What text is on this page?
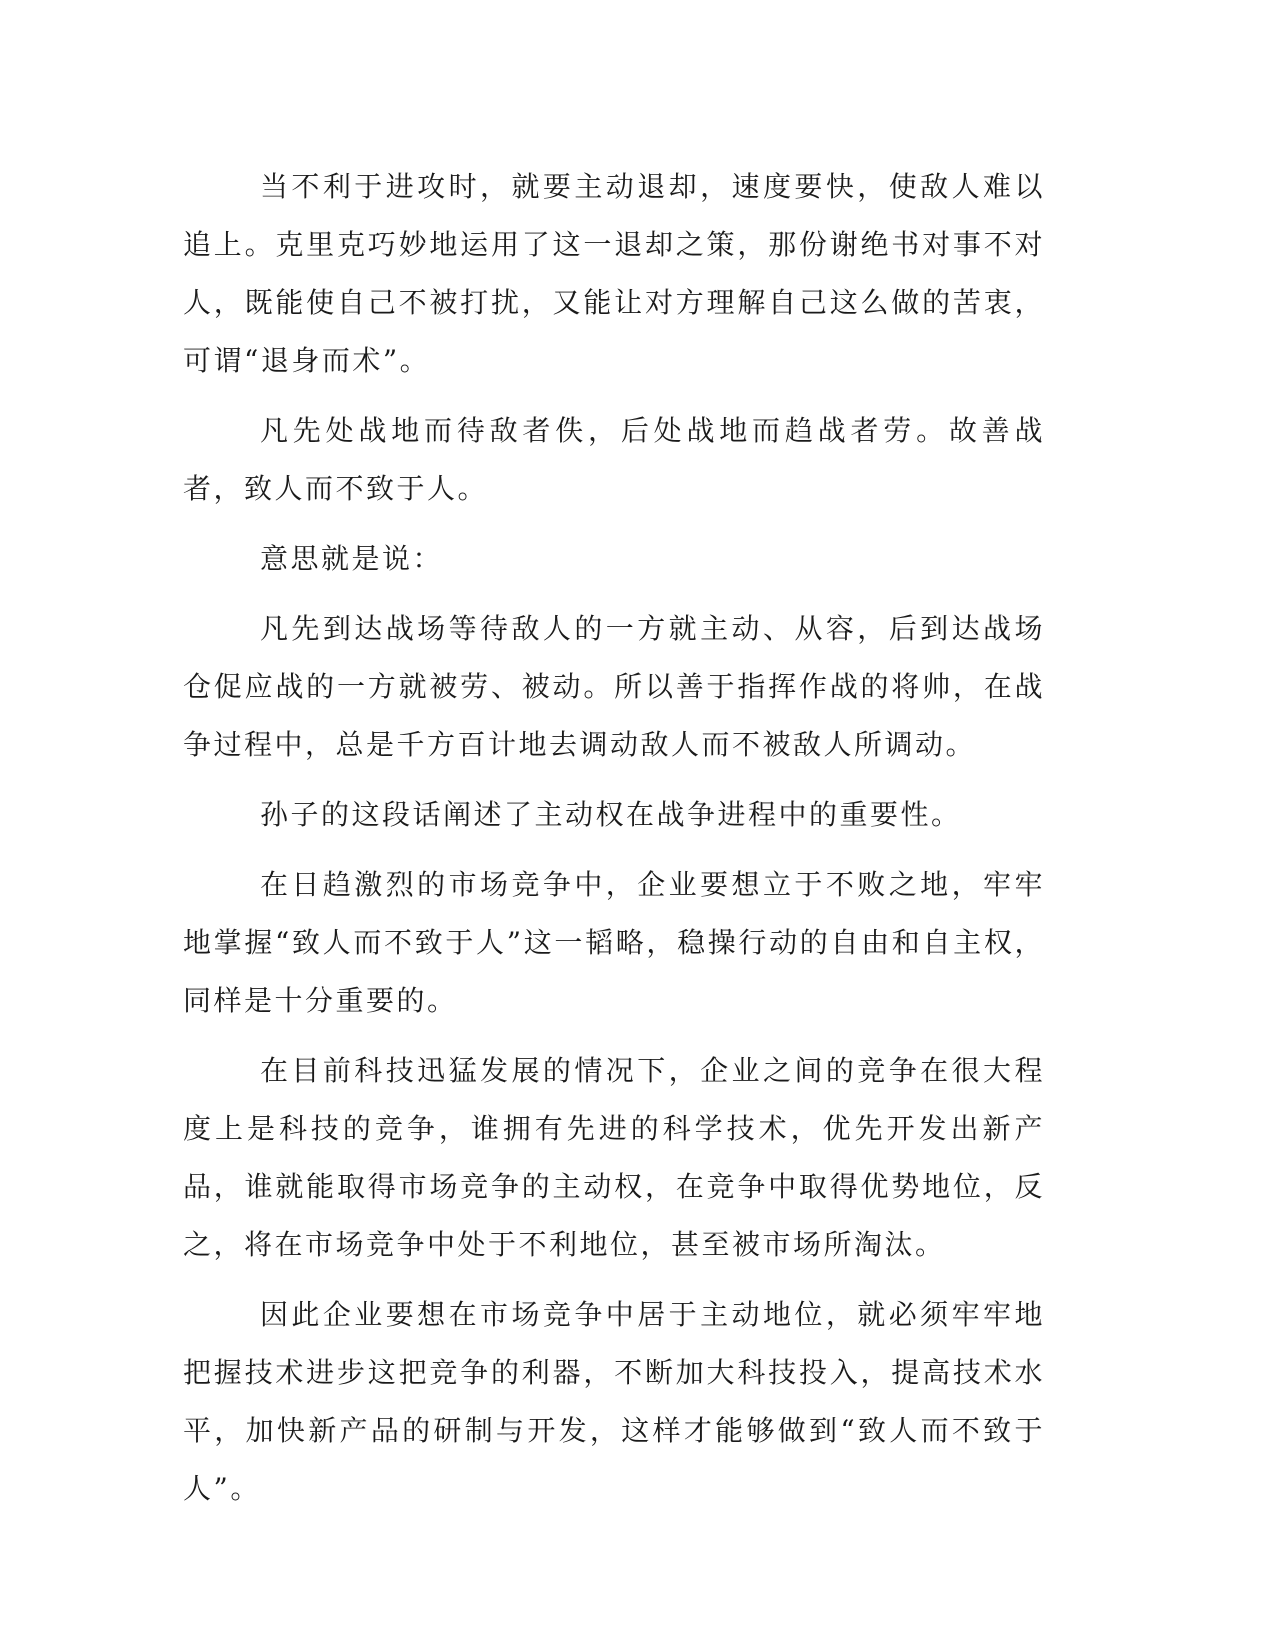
当不利于进攻时，就要主动退却，速度要快，使敌人难以追上。克里克巧妙地运用了这一退却之策，那份谢绝书对事不对人，既能使自己不被打扰，又能让对方理解自己这么做的苦衷，可谓“退身而术”。

凡先处战地而待敌者佚，后处战地而趋战者劳。故善战者，致人而不致于人。

意思就是说：

凡先到达战场等待敌人的一方就主动、从容，后到达战场仓促应战的一方就被劳、被动。所以善于指挥作战的将帅，在战争过程中，总是千方百计地去调动敌人而不被敌人所调动。

孙子的这段话阐述了主动权在战争进程中的重要性。

在日趋激烈的市场竞争中，企业要想立于不败之地，牢牢地掌握“致人而不致于人”这一韬略，稳操行动的自由和自主权，同样是十分重要的。

在目前科技迅猛发展的情况下，企业之间的竞争在很大程度上是科技的竞争，谁拥有先进的科学技术，优先开发出新产品，谁就能取得市场竞争的主动权，在竞争中取得优势地位，反之，将在市场竞争中处于不利地位，甚至被市场所淘汰。

因此企业要想在市场竞争中居于主动地位，就必须牢牢地把握技术进步这把竞争的利器，不断加大科技投入，提高技术水平，加快新产品的研制与开发，这样才能够做到“致人而不致于人”。
